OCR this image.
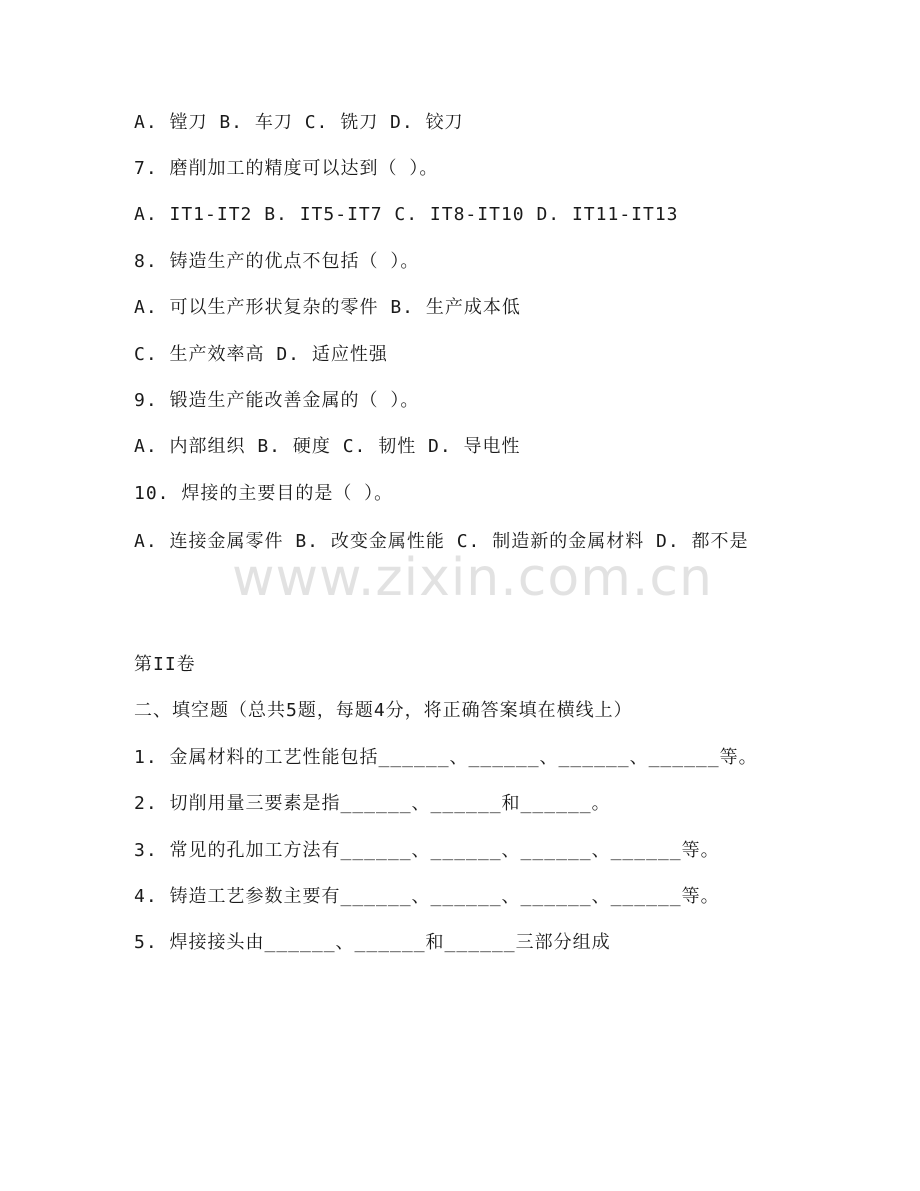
A. 镗刀 B. 车刀 C. 铣刀 D. 铰刀
7. 磨削加工的精度可以达到（ ）。
A. IT1-IT2 B. IT5-IT7 C. IT8-IT10 D. IT11-IT13
8. 铸造生产的优点不包括（ ）。
A. 可以生产形状复杂的零件 B. 生产成本低
C. 生产效率高 D. 适应性强
9. 锻造生产能改善金属的（ ）。
A. 内部组织 B. 硬度 C. 韧性 D. 导电性
10. 焊接的主要目的是（ ）。
A. 连接金属零件 B. 改变金属性能 C. 制造新的金属材料 D. 都不是
第II卷
二、填空题（总共5题，每题4分，将正确答案填在横线上）
1. 金属材料的工艺性能包括______、______、______、______等。
2. 切削用量三要素是指______、______和______。
3. 常见的孔加工方法有______、______、______、______等。
4. 铸造工艺参数主要有______、______、______、______等。
5. 焊接接头由______、______和______三部分组成
www.zixin.com.cn
